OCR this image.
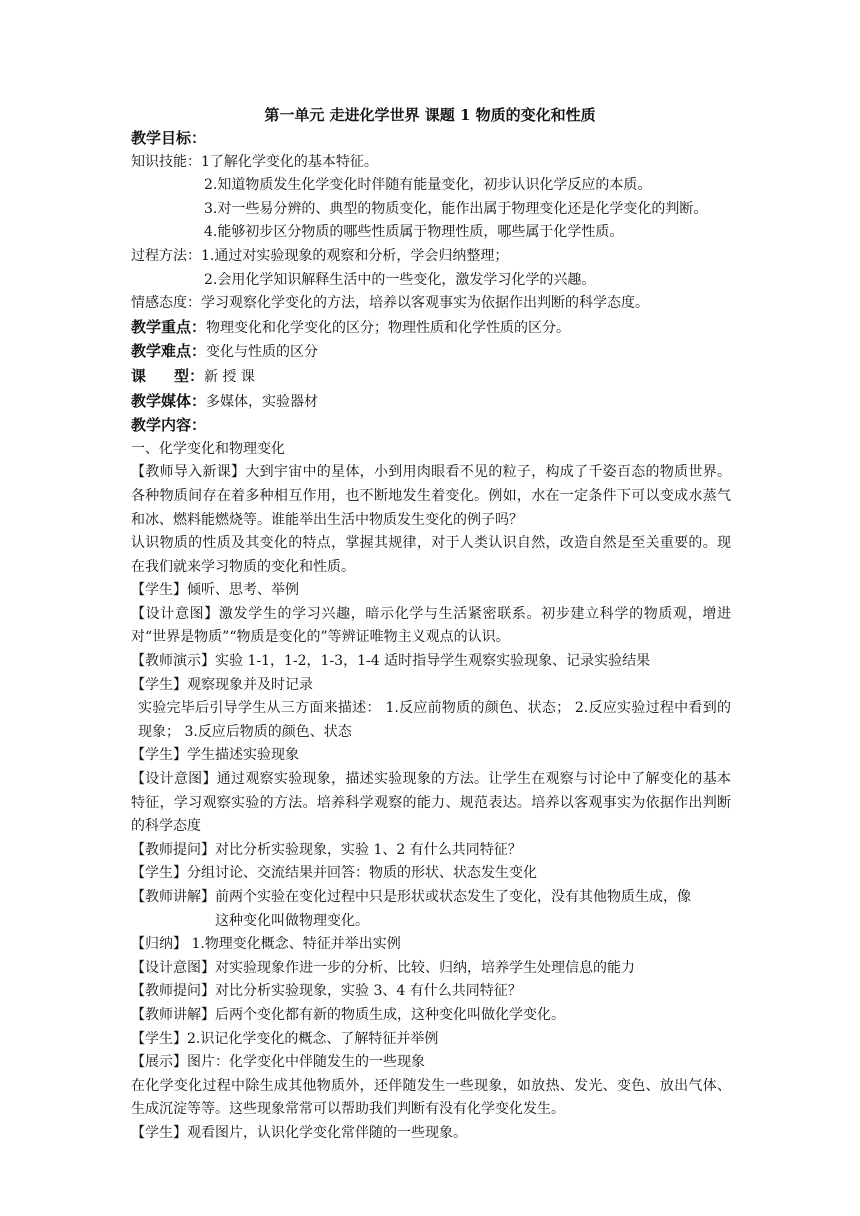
第一单元 走进化学世界 课题 1 物质的变化和性质
教学目标：
知识技能：1了解化学变化的基本特征。
2.知道物质发生化学变化时伴随有能量变化，初步认识化学反应的本质。
3.对一些易分辨的、典型的物质变化，能作出属于物理变化还是化学变化的判断。
4.能够初步区分物质的哪些性质属于物理性质，哪些属于化学性质。
过程方法：1.通过对实验现象的观察和分析，学会归纳整理；
2.会用化学知识解释生活中的一些变化，激发学习化学的兴趣。
情感态度：学习观察化学变化的方法，培养以客观事实为依据作出判断的科学态度。
教学重点：物理变化和化学变化的区分；物理性质和化学性质的区分。
教学难点：变化与性质的区分
课 型：新 授 课
教学媒体：多媒体，实验器材
教学内容：
一、化学变化和物理变化
【教师导入新课】大到宇宙中的星体，小到用肉眼看不见的粒子，构成了千姿百态的物质世界。各种物质间存在着多种相互作用，也不断地发生着变化。例如，水在一定条件下可以变成水蒸气和冰、燃料能燃烧等。谁能举出生活中物质发生变化的例子吗？
认识物质的性质及其变化的特点，掌握其规律，对于人类认识自然，改造自然是至关重要的。现在我们就来学习物质的变化和性质。
【学生】倾听、思考、举例
【设计意图】激发学生的学习兴趣，暗示化学与生活紧密联系。初步建立科学的物质观，增进对“世界是物质”“物质是变化的”等辨证唯物主义观点的认识。
【教师演示】实验 1-1，1-2，1-3，1-4 适时指导学生观察实验现象、记录实验结果
【学生】观察现象并及时记录
实验完毕后引导学生从三方面来描述： 1.反应前物质的颜色、状态； 2.反应实验过程中看到的现象； 3.反应后物质的颜色、状态
【学生】学生描述实验现象
【设计意图】通过观察实验现象，描述实验现象的方法。让学生在观察与讨论中了解变化的基本特征，学习观察实验的方法。培养科学观察的能力、规范表达。培养以客观事实为依据作出判断的科学态度
【教师提问】对比分析实验现象，实验 1、2 有什么共同特征？
【学生】分组讨论、交流结果并回答：物质的形状、状态发生变化
【教师讲解】前两个实验在变化过程中只是形状或状态发生了变化，没有其他物质生成，像
这种变化叫做物理变化。
【归纳】 1.物理变化概念、特征并举出实例
【设计意图】对实验现象作进一步的分析、比较、归纳，培养学生处理信息的能力
【教师提问】对比分析实验现象，实验 3、4 有什么共同特征？
【教师讲解】后两个变化都有新的物质生成，这种变化叫做化学变化。
【学生】2.识记化学变化的概念、了解特征并举例
【展示】图片：化学变化中伴随发生的一些现象
在化学变化过程中除生成其他物质外，还伴随发生一些现象，如放热、发光、变色、放出气体、生成沉淀等等。这些现象常常可以帮助我们判断有没有化学变化发生。
【学生】观看图片，认识化学变化常伴随的一些现象。
